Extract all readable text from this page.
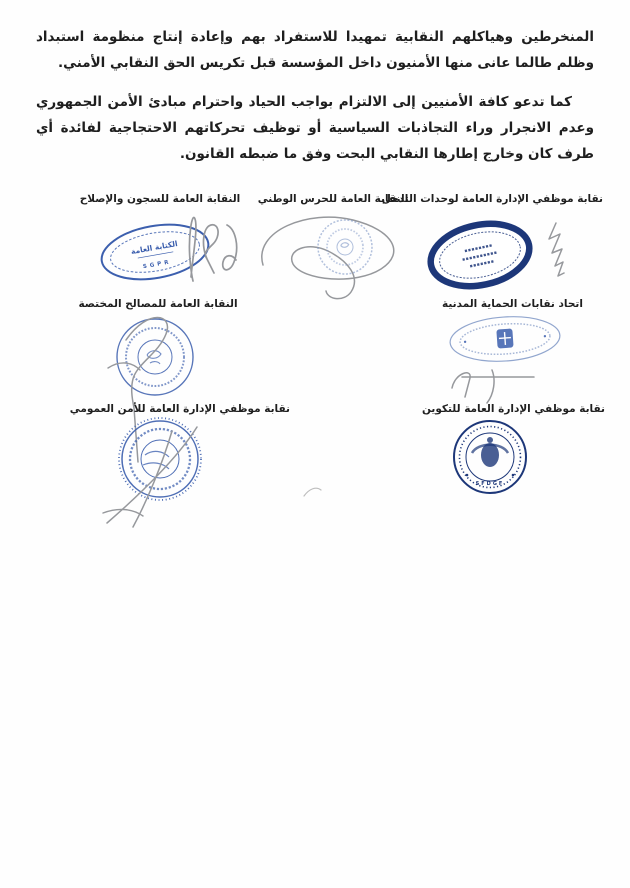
المنخرطين وهياكلهم النقابية تمهيدا للاستفراد بهم وإعادة إنتاج منظومة استبداد وظلم طالما عانى منها الأمنيون داخل المؤسسة قبل تكريس الحق النقابي الأمني.

كما تدعو كافة الأمنيين إلى الالتزام بواجب الحياد واحترام مبادئ الأمن الجمهوري وعدم الانجرار وراء التجاذبات السياسية أو توظيف تحركاتهم الاحتجاجية لفائدة أي طرف كان وخارج إطارها النقابي البحت وفق ما ضبطه القانون.

النقابة العامة للسجون والإصلاح
الكتابة العامة
SGPR
النقابة العامة للحرس الوطني
نقابة موظفي الإدارة العامة لوحدات التدخل
النقابة العامة للمصالح المختصة	اتحاد نقابات الحماية المدنية
نقابة موظفي الإدارة العامة للأمن العمومي	نقابة موظفي الإدارة العامة للتكوين
SFDGF
